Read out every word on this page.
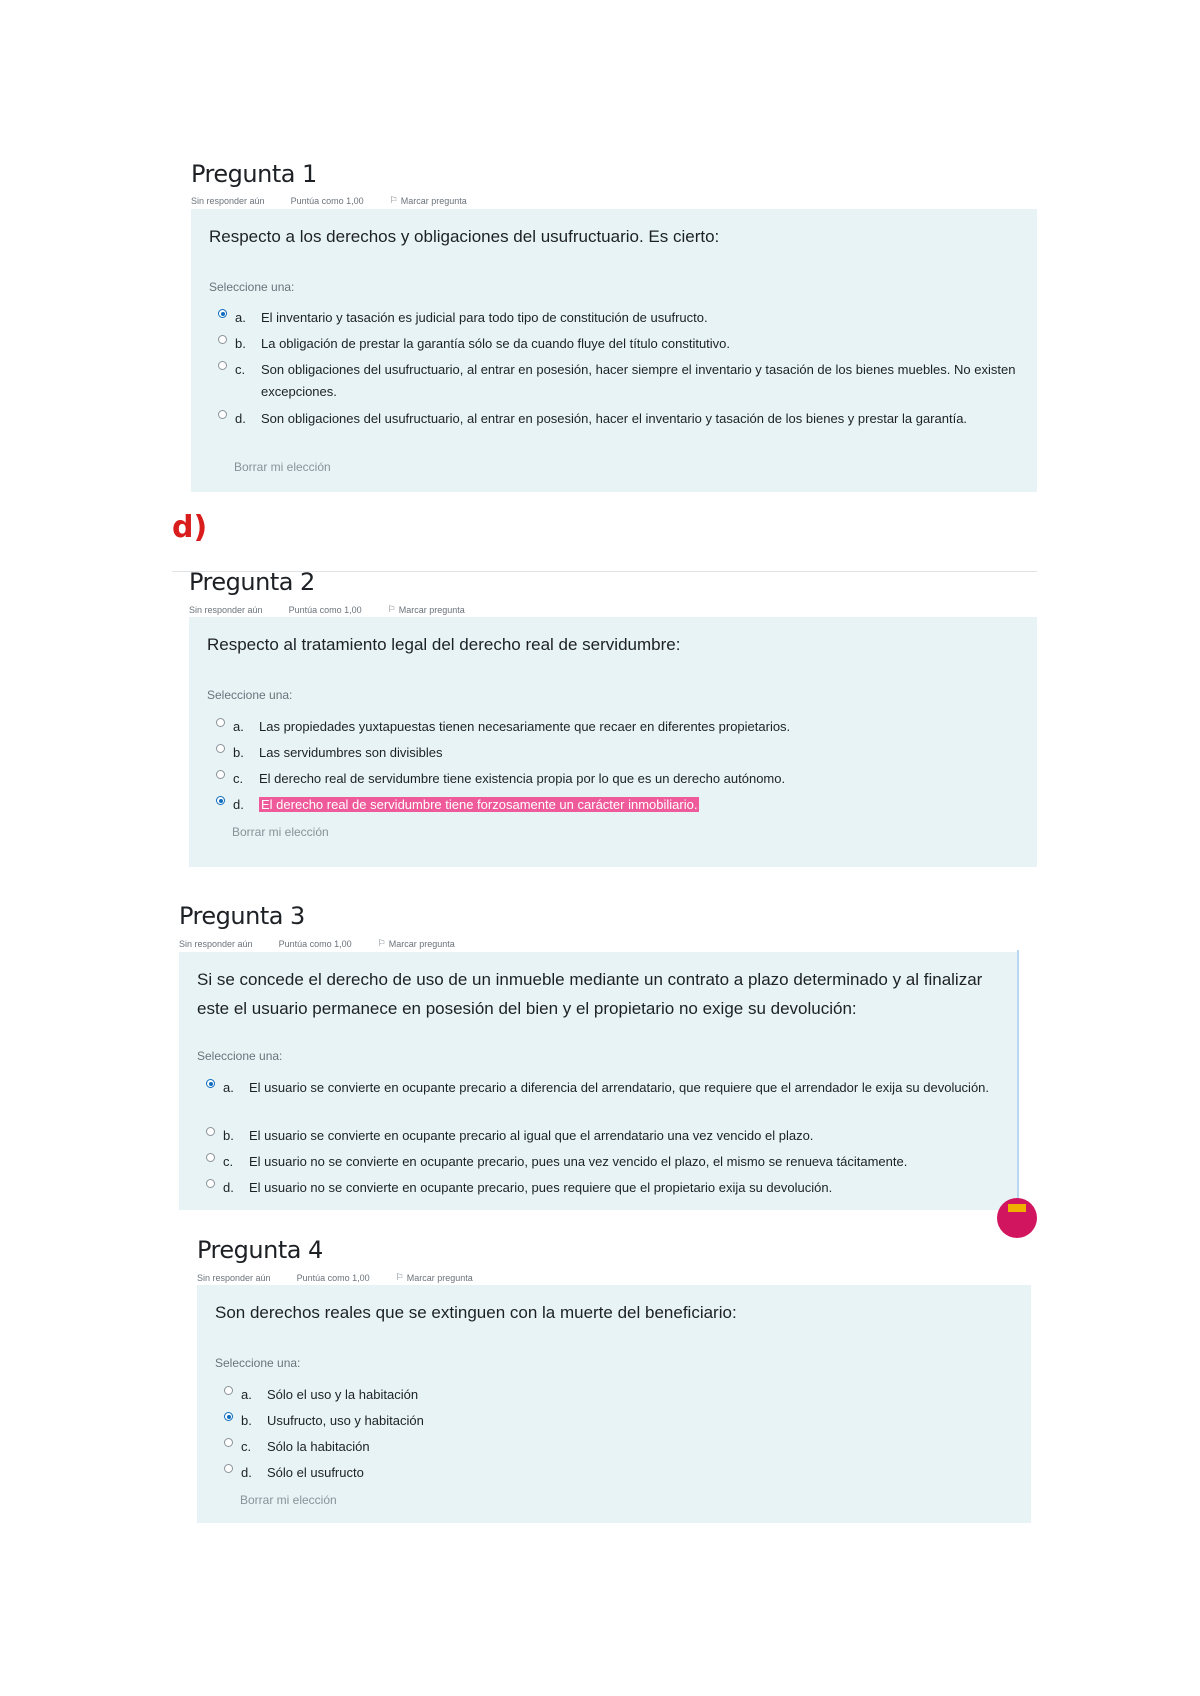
Pregunta 1
Sin responder aún	Puntúa como 1,00	⚐ Marcar pregunta
Respecto a los derechos y obligaciones del usufructuario. Es cierto:
Seleccione una:
a.	El inventario y tasación es judicial para todo tipo de constitución de usufructo.
b.	La obligación de prestar la garantía sólo se da cuando fluye del título constitutivo.
c.	Son obligaciones del usufructuario, al entrar en posesión, hacer siempre el inventario y tasación de los bienes muebles. No existen excepciones.
d.	Son obligaciones del usufructuario, al entrar en posesión, hacer el inventario y tasación de los bienes y prestar la garantía.
Borrar mi elección
d)
Pregunta 2
Sin responder aún	Puntúa como 1,00	⚐ Marcar pregunta
Respecto al tratamiento legal del derecho real de servidumbre:
Seleccione una:
a.	Las propiedades yuxtapuestas tienen necesariamente que recaer en diferentes propietarios.
b.	Las servidumbres son divisibles
c.	El derecho real de servidumbre tiene existencia propia por lo que es un derecho autónomo.
d.	El derecho real de servidumbre tiene forzosamente un carácter inmobiliario.
Borrar mi elección
Pregunta 3
Sin responder aún	Puntúa como 1,00	⚐ Marcar pregunta
Si se concede el derecho de uso de un inmueble mediante un contrato a plazo determinado y al finalizar este el usuario permanece en posesión del bien y el propietario no exige su devolución:
Seleccione una:
a.	El usuario se convierte en ocupante precario a diferencia del arrendatario, que requiere que el arrendador le exija su devolución.
b.	El usuario se convierte en ocupante precario al igual que el arrendatario una vez vencido el plazo.
c.	El usuario no se convierte en ocupante precario, pues una vez vencido el plazo, el mismo se renueva tácitamente.
d.	El usuario no se convierte en ocupante precario, pues requiere que el propietario exija su devolución.
Pregunta 4
Sin responder aún	Puntúa como 1,00	⚐ Marcar pregunta
Son derechos reales que se extinguen con la muerte del beneficiario:
Seleccione una:
a.	Sólo el uso y la habitación
b.	Usufructo, uso y habitación
c.	Sólo la habitación
d.	Sólo el usufructo
Borrar mi elección
